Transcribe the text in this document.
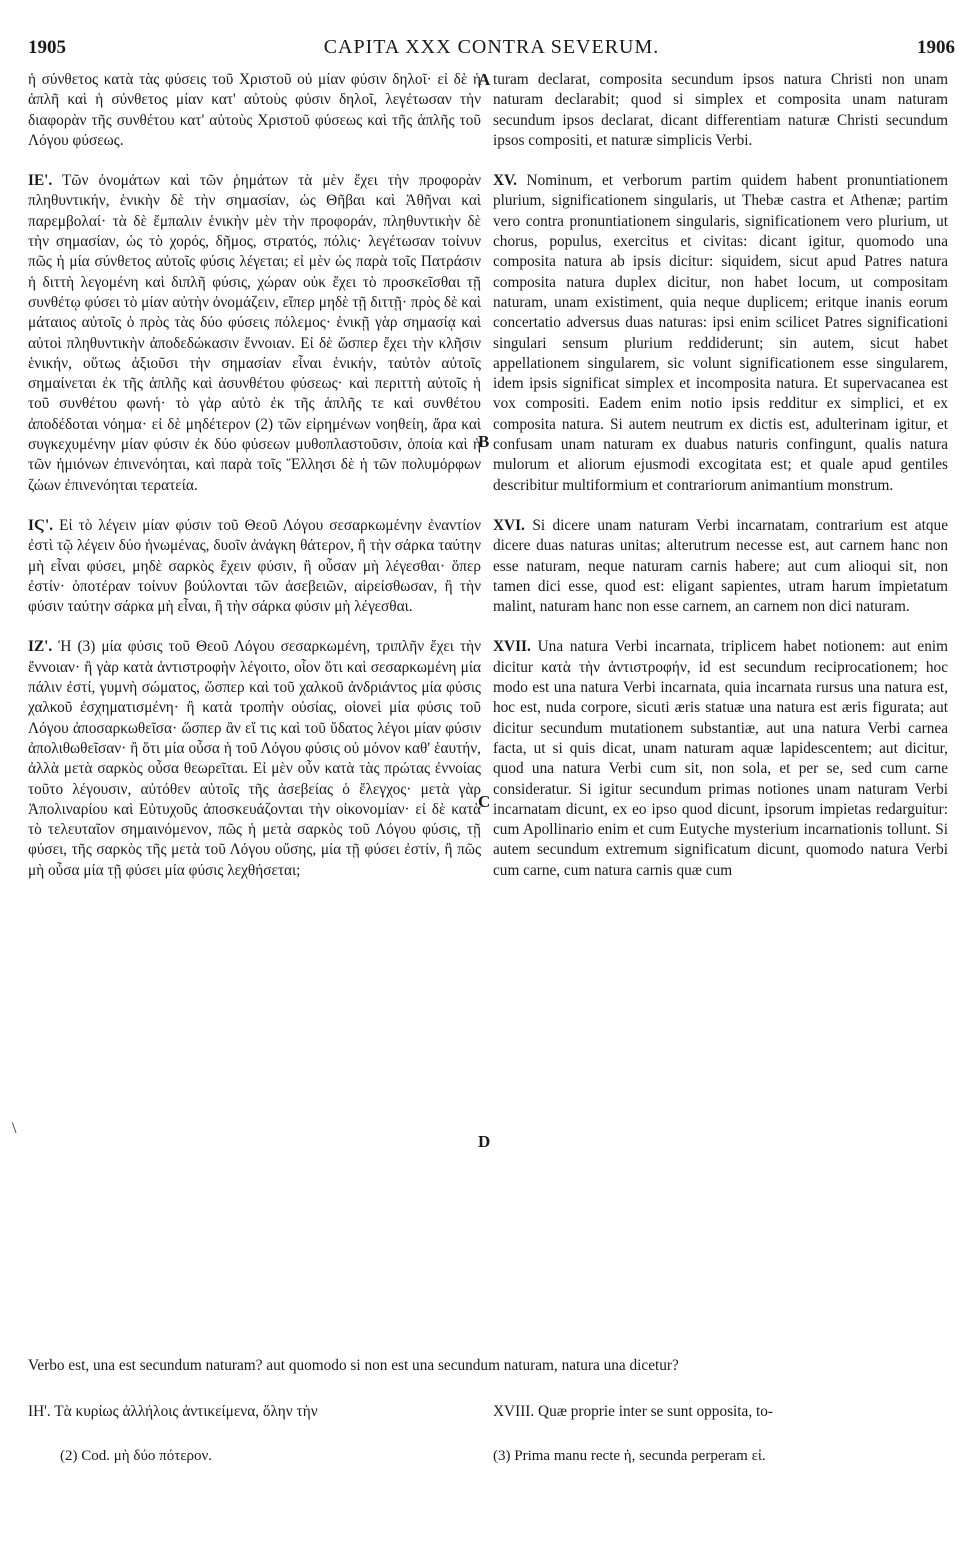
1905	CAPITA XXX CONTRA SEVERUM.	1906

ἡ σύνθετος κατὰ τὰς φύσεις τοῦ Χριστοῦ οὐ μίαν φύσιν δηλοῖ· εἰ δὲ ἡ ἁπλῆ καὶ ἡ σύνθετος μίαν κατ' αὐτοὺς φύσιν δηλοῖ, λεγέτωσαν τὴν διαφορὰν τῆς συνθέτου κατ' αὐτοὺς Χριστοῦ φύσεως καὶ τῆς ἁπλῆς τοῦ Λόγου φύσεως.

ΙΕ'. Τῶν ὀνομάτων καὶ τῶν ῥημάτων τὰ μὲν ἔχει τὴν προφορὰν πληθυντικήν, ἑνικὴν δὲ τὴν σημασίαν, ὡς Θῆβαι καὶ Ἀθῆναι καὶ παρεμβολαί· τὰ δὲ ἔμπαλιν ἑνικὴν μὲν τὴν προφοράν, πληθυντικὴν δὲ τὴν σημασίαν, ὡς τὸ χορός, δῆμος, στρατός, πόλις· λεγέτωσαν τοίνυν πῶς ἡ μία σύνθετος αὐτοῖς φύσις λέγεται; εἰ μὲν ὡς παρὰ τοῖς Πατράσιν ἡ διττὴ λεγομένη καὶ διπλῆ φύσις, χώραν οὐκ ἔχει τὸ προσκεῖσθαι τῇ συνθέτῳ φύσει τὸ μίαν αὐτὴν ὀνομάζειν, εἴπερ μηδὲ τῇ διττῇ· πρὸς δὲ καὶ μάταιος αὐτοῖς ὁ πρὸς τὰς δύο φύσεις πόλεμος· ἑνικῇ γὰρ σημασίᾳ καὶ αὐτοὶ πληθυντικὴν ἀποδεδώκασιν ἔννοιαν. Εἰ δὲ ὥσπερ ἔχει τὴν κλῆσιν ἑνικήν, οὕτως ἀξιοῦσι τὴν σημασίαν εἶναι ἑνικήν, ταὐτὸν αὐτοῖς σημαίνεται ἐκ τῆς ἁπλῆς καὶ ἀσυνθέτου φύσεως· καὶ περιττὴ αὐτοῖς ἡ τοῦ συνθέτου φωνή· τὸ γὰρ αὐτὸ ἐκ τῆς ἁπλῆς τε καὶ συνθέτου ἀποδέδοται νόημα· εἰ δὲ μηδέτερον (2) τῶν εἰρημένων νοηθείη, ἄρα καὶ συγκεχυμένην μίαν φύσιν ἐκ δύο φύσεων μυθοπλαστοῦσιν, ὁποία καὶ ἡ τῶν ἡμιόνων ἐπινενόηται, καὶ παρὰ τοῖς Ἕλλησι δὲ ἡ τῶν πολυμόρφων ζώων ἐπινενόηται τερατεία.

ΙϚ'. Εἰ τὸ λέγειν μίαν φύσιν τοῦ Θεοῦ Λόγου σεσαρκωμένην ἐναντίον ἐστὶ τῷ λέγειν δύο ἡνωμένας, δυοῖν ἀνάγκη θάτερον, ἢ τὴν σάρκα ταύτην μὴ εἶναι φύσει, μηδὲ σαρκὸς ἔχειν φύσιν, ἢ οὖσαν μὴ λέγεσθαι· ὅπερ ἐστίν· ὁποτέραν τοίνυν βούλονται τῶν ἀσεβειῶν, αἱρείσθωσαν, ἢ τὴν φύσιν ταύτην σάρκα μὴ εἶναι, ἢ τὴν σάρκα φύσιν μὴ λέγεσθαι.

ΙΖ'. Ἡ (3) μία φύσις τοῦ Θεοῦ Λόγου σεσαρκωμένη, τριπλῆν ἔχει τὴν ἔννοιαν· ἢ γὰρ κατὰ ἀντιστροφὴν λέγοιτο, οἷον ὅτι καὶ σεσαρκωμένη μία πάλιν ἐστί, γυμνὴ σώματος, ὥσπερ καὶ τοῦ χαλκοῦ ἀνδριάντος μία φύσις χαλκοῦ ἐσχηματισμένη· ἢ κατὰ τροπὴν οὐσίας, οἱονεὶ μία φύσις τοῦ Λόγου ἀποσαρκωθεῖσα· ὥσπερ ἂν εἴ τις καὶ τοῦ ὕδατος λέγοι μίαν φύσιν ἀπολιθωθεῖσαν· ἢ ὅτι μία οὖσα ἡ τοῦ Λόγου φύσις οὐ μόνον καθ' ἑαυτήν, ἀλλὰ μετὰ σαρκὸς οὖσα θεωρεῖται. Εἰ μὲν οὖν κατὰ τὰς πρώτας ἐννοίας τοῦτο λέγουσιν, αὐτόθεν αὐτοῖς τῆς ἀσεβείας ὁ ἔλεγχος· μετὰ γὰρ Ἀπολιναρίου καὶ Εὐτυχοῦς ἀποσκευάζονται τὴν οἰκονομίαν· εἰ δὲ κατὰ τὸ τελευταῖον σημαινόμενον, πῶς ἡ μετὰ σαρκὸς τοῦ Λόγου φύσις, τῇ φύσει, τῆς σαρκὸς τῆς μετὰ τοῦ Λόγου οὔσης, μία τῇ φύσει ἐστίν, ἢ πῶς μὴ οὖσα μία τῇ φύσει μία φύσις λεχθήσεται;

turam declarat, composita secundum ipsos natura Christi non unam naturam declarabit; quod si simplex et composita unam naturam secundum ipsos declarat, dicant differentiam naturæ Christi secundum ipsos compositi, et naturæ simplicis Verbi.

XV. Nominum, et verborum partim quidem habent pronuntiationem plurium, significationem singularis, ut Thebæ castra et Athenæ; partim vero contra pronuntiationem singularis, significationem vero plurium, ut chorus, populus, exercitus et civitas: dicant igitur, quomodo una composita natura ab ipsis dicitur: siquidem, sicut apud Patres natura composita natura duplex dicitur, non habet locum, ut compositam naturam, unam existiment, quia neque duplicem; eritque inanis eorum concertatio adversus duas naturas: ipsi enim scilicet Patres significationi singulari sensum plurium reddiderunt; sin autem, sicut habet appellationem singularem, sic volunt significationem esse singularem, idem ipsis significat simplex et incomposita natura. Et supervacanea est vox compositi. Eadem enim notio ipsis redditur ex simplici, et ex composita natura. Si autem neutrum ex dictis est, adulterinam igitur, et confusam unam naturam ex duabus naturis confingunt, qualis natura mulorum et aliorum ejusmodi excogitata est; et quale apud gentiles describitur multiformium et contrariorum animantium monstrum.

XVI. Si dicere unam naturam Verbi incarnatam, contrarium est atque dicere duas naturas unitas; alterutrum necesse est, aut carnem hanc non esse naturam, neque naturam carnis habere; aut cum alioqui sit, non tamen dici esse, quod est: eligant sapientes, utram harum impietatum malint, naturam hanc non esse carnem, an carnem non dici naturam.

XVII. Una natura Verbi incarnata, triplicem habet notionem: aut enim dicitur κατὰ τὴν ἀντιστροφήν, id est secundum reciprocationem; hoc modo est una natura Verbi incarnata, quia incarnata rursus una natura est, hoc est, nuda corpore, sicuti æris statuæ una natura est æris figurata; aut dicitur secundum mutationem substantiæ, aut una natura Verbi carnea facta, ut si quis dicat, unam naturam aquæ lapidescentem; aut dicitur, quod una natura Verbi cum sit, non sola, et per se, sed cum carne consideratur. Si igitur secundum primas notiones unam naturam Verbi incarnatam dicunt, ex eo ipso quod dicunt, ipsorum impietas redarguitur: cum Apollinario enim et cum Eutyche mysterium incarnationis tollunt. Si autem secundum extremum significatum dicunt, quomodo natura Verbi cum carne, cum natura carnis quæ cum

A
B
C
D
\
Verbo est, una est secundum naturam? aut quomodo si non est una secundum naturam, natura una dicetur?
ΙΗ'. Τὰ κυρίως ἀλλήλοις ἀντικείμενα, ὅλην τὴν	XVIII. Quæ proprie inter se sunt opposita, to-
(2) Cod. μὴ δύο πότερον.	(3) Prima manu recte ἡ, secunda perperam εἰ.
